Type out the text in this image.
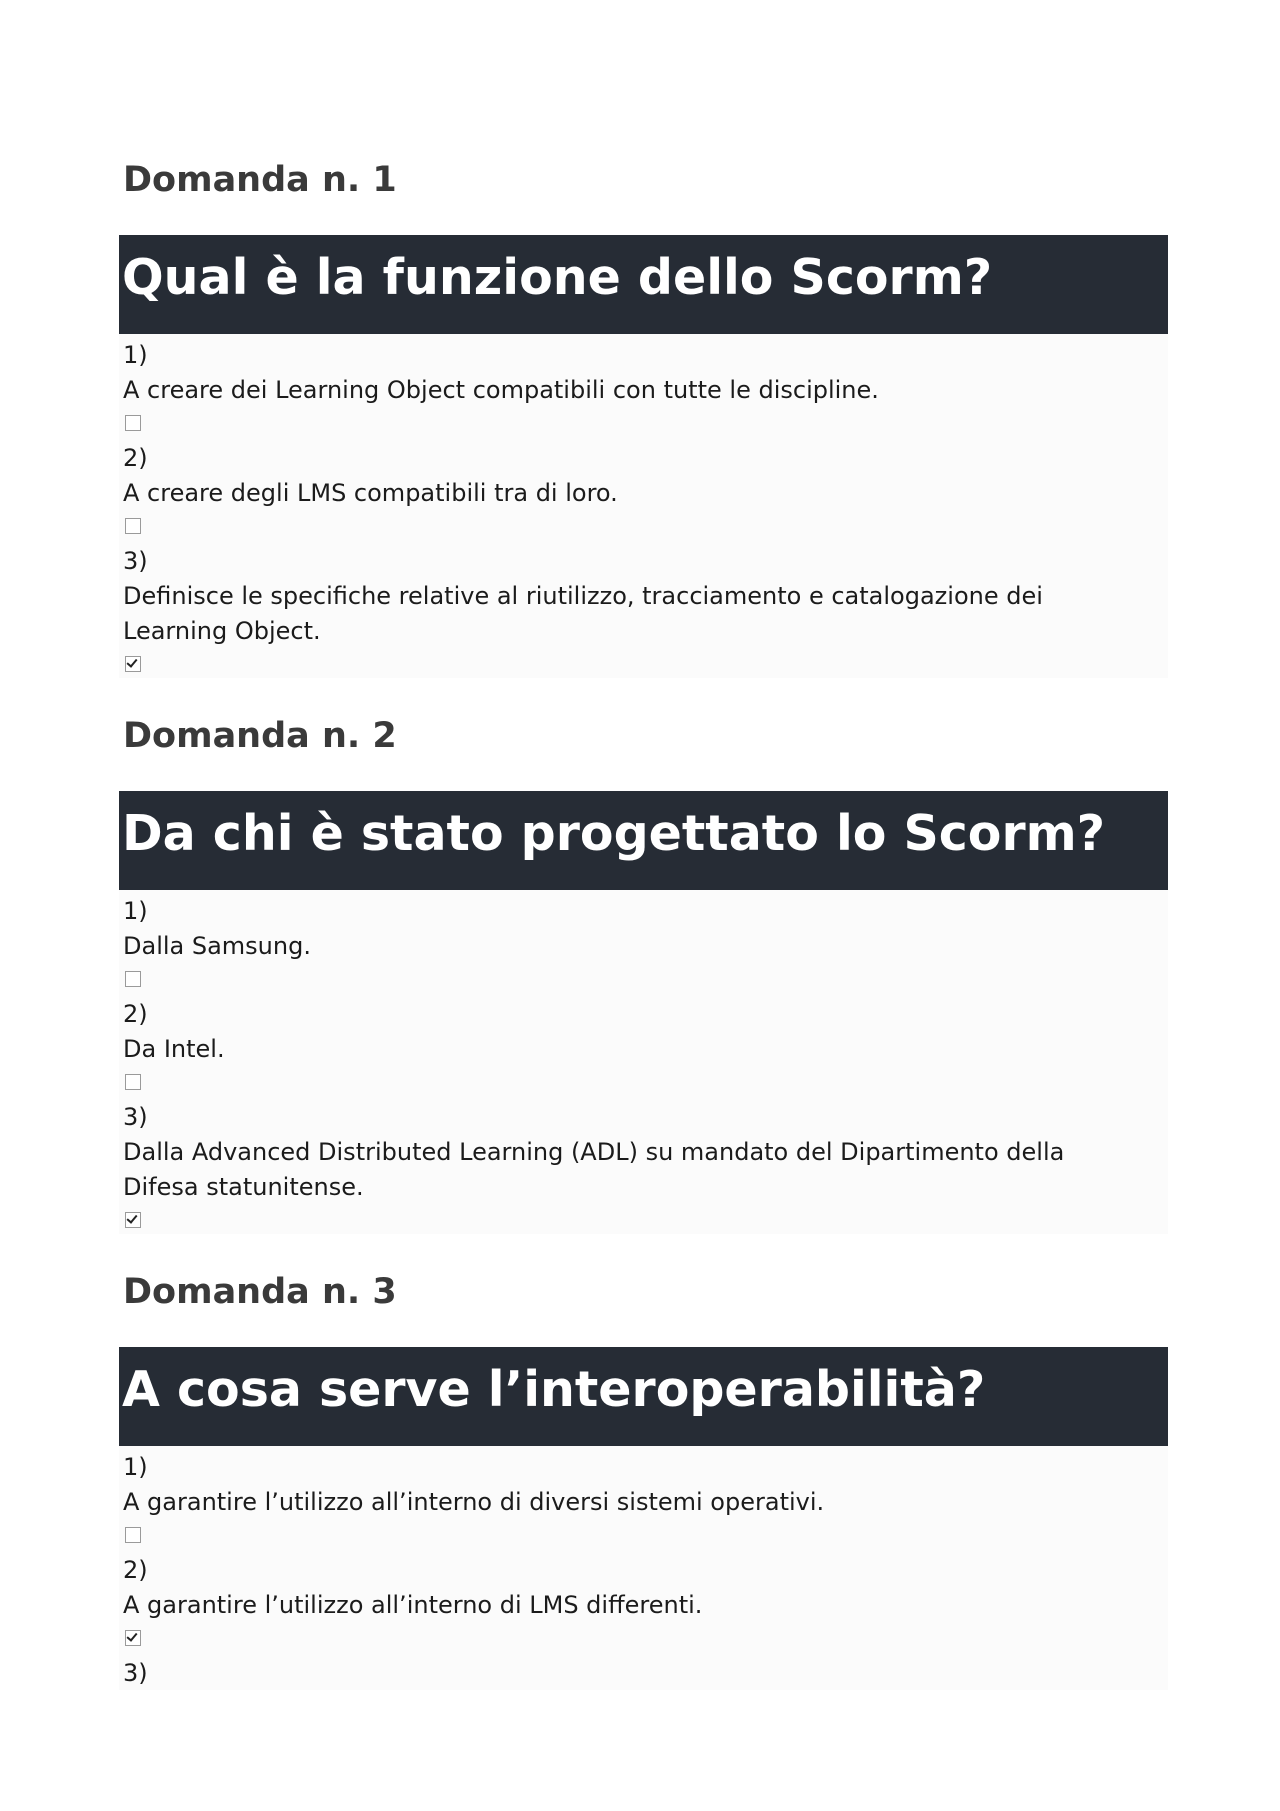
Domanda n. 1
Qual è la funzione dello Scorm?
1)
A creare dei Learning Object compatibili con tutte le discipline.
2)
A creare degli LMS compatibili tra di loro.
3)
Definisce le specifiche relative al riutilizzo, tracciamento e catalogazione dei Learning Object.
Domanda n. 2
Da chi è stato progettato lo Scorm?
1)
Dalla Samsung.
2)
Da Intel.
3)
Dalla Advanced Distributed Learning (ADL) su mandato del Dipartimento della Difesa statunitense.
Domanda n. 3
A cosa serve l’interoperabilità?
1)
A garantire l’utilizzo all’interno di diversi sistemi operativi.
2)
A garantire l’utilizzo all’interno di LMS differenti.
3)
